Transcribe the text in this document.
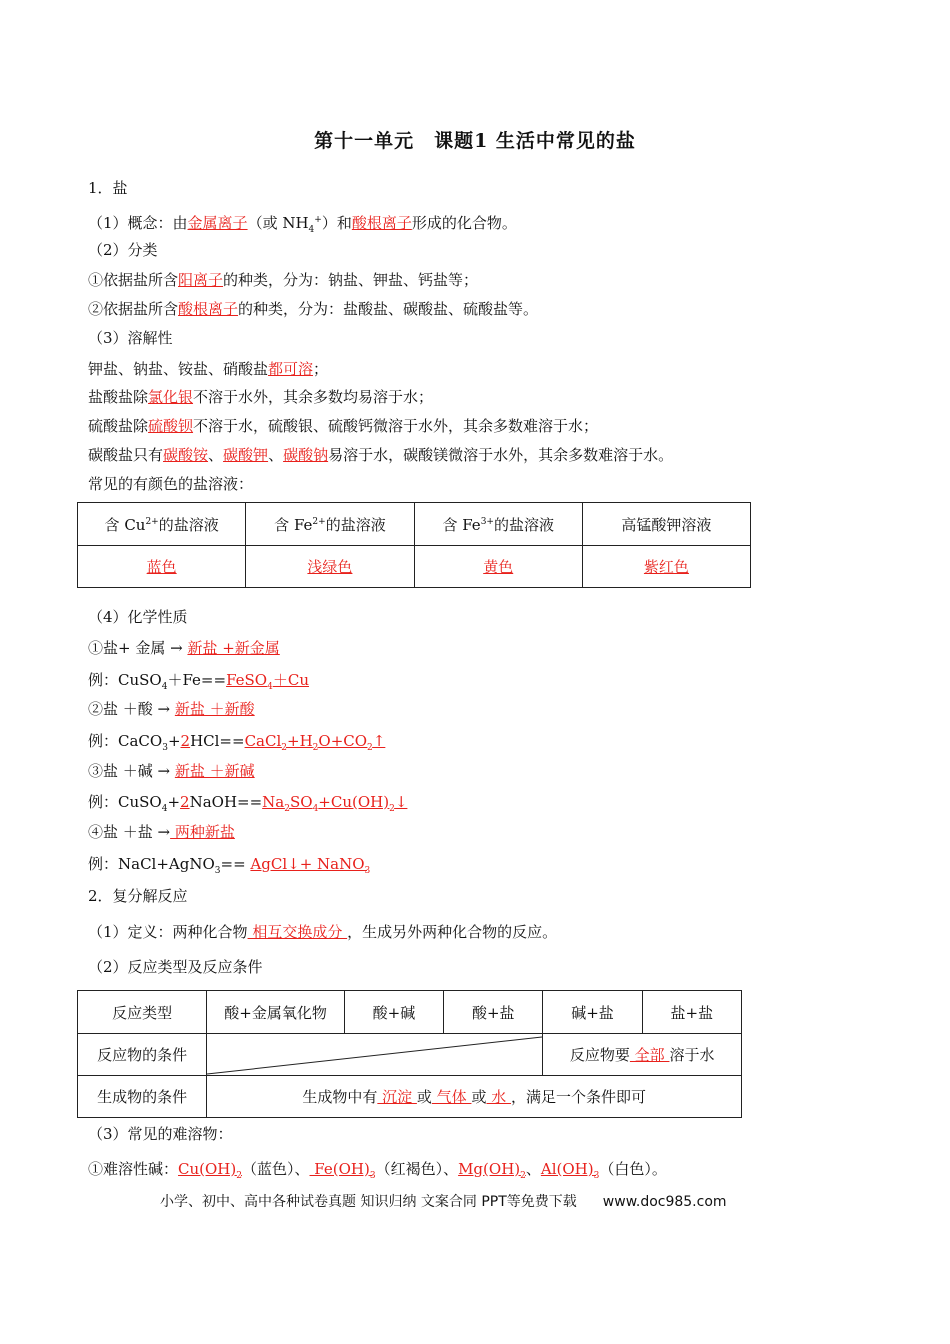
第十一单元　课题1 生活中常见的盐
1．盐
（1）概念：由金属离子（或 $NH_4^+$）和酸根离子形成的化合物。
（2）分类
①依据盐所含阳离子的种类，分为：钠盐、钾盐、钙盐等；
②依据盐所含酸根离子的种类，分为：盐酸盐、碳酸盐、硫酸盐等。
（3）溶解性
钾盐、钠盐、铵盐、硝酸盐都可溶；
盐酸盐除氯化银不溶于水外，其余多数均易溶于水；
硫酸盐除硫酸钡不溶于水，硫酸银、硫酸钙微溶于水外，其余多数难溶于水；
碳酸盐只有碳酸铵、碳酸钾、碳酸钠易溶于水，碳酸镁微溶于水外，其余多数难溶于水。
常见的有颜色的盐溶液：
含 $Cu^{2+}$的盐溶液	含 $Fe^{2+}$的盐溶液	含 $Fe^{3+}$的盐溶液	高锰酸钾溶液
蓝色	浅绿色	黄色	紫红色
（4）化学性质
①盐+ 金属 → 新盐 +新金属
例：CuSO$_4$＋Fe==FeSO$_4$＋Cu
②盐 ＋酸 → 新盐 ＋新酸
例：$CaCO_3+2HCl==CaCl_2+H_2O+CO_2↑$
③盐 ＋碱 → 新盐 ＋新碱
例：$CuSO_4+2NaOH==Na_2SO_4+Cu(OH)_2↓$
④盐 ＋盐 → 两种新盐
例：NaCl+AgNO$_3$== AgCl↓+ NaNO$_3$
2．复分解反应
（1）定义：两种化合物 相互交换成分 ，生成另外两种化合物的反应。
（2）反应类型及反应条件
反应类型	酸+金属氧化物	酸+碱	酸+盐	碱+盐	盐+盐
反应物的条件				反应物要 全部 溶于水	
生成物的条件	生成物中有 沉淀 或 气体 或 水 ，满足一个条件即可				
（3）常见的难溶物：
①难溶性碱：$Cu(OH)_2$（蓝色）、 $Fe(OH)_3$（红褐色）、$Mg(OH)_2$、$Al(OH)_3$（白色）。
小学、初中、高中各种试卷真题 知识归纳 文案合同 PPT等免费下载 www.doc985.com
